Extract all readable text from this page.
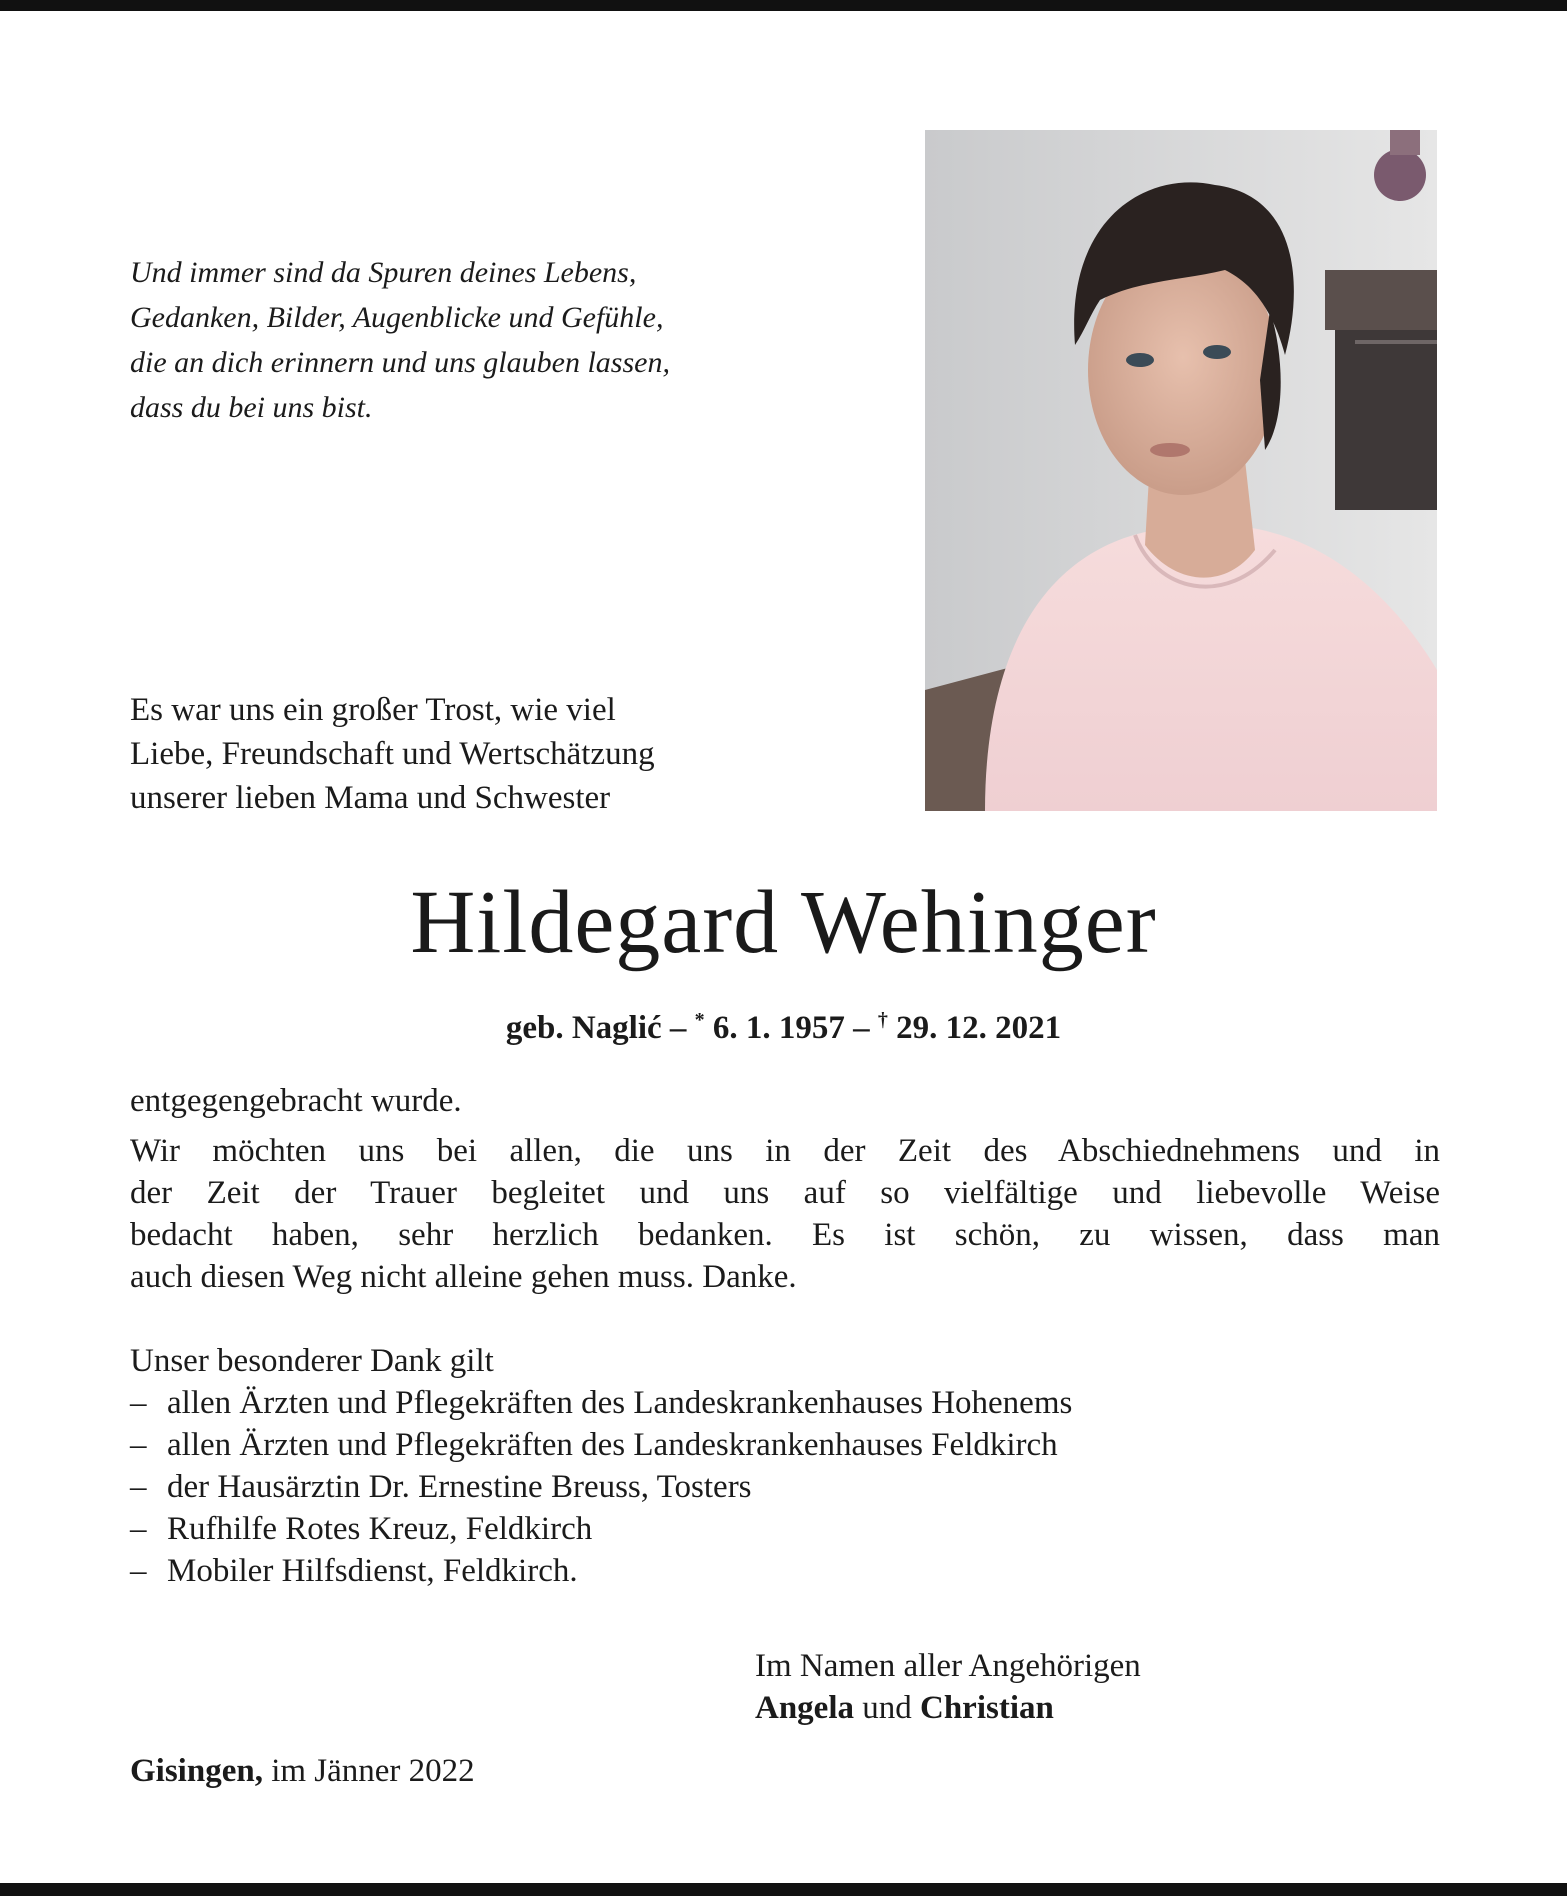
Und immer sind da Spuren deines Lebens,
Gedanken, Bilder, Augenblicke und Gefühle,
die an dich erinnern und uns glauben lassen,
dass du bei uns bist.
Es war uns ein großer Trost, wie viel
Liebe, Freundschaft und Wertschätzung
unserer lieben Mama und Schwester
Hildegard Wehinger
geb. Naglić – * 6. 1. 1957 – † 29. 12. 2021

entgegengebracht wurde.

Wir möchten uns bei allen, die uns in der Zeit des Abschiednehmens und in
der Zeit der Trauer begleitet und uns auf so vielfältige und liebevolle Weise
bedacht haben, sehr herzlich bedanken. Es ist schön, zu wissen, dass man
auch diesen Weg nicht alleine gehen muss. Danke.

Unser besonderer Dank gilt

– allen Ärzten und Pflegekräften des Landeskrankenhauses Hohenems
– allen Ärzten und Pflegekräften des Landeskrankenhauses Feldkirch
– der Hausärztin Dr. Ernestine Breuss, Tosters
– Rufhilfe Rotes Kreuz, Feldkirch
– Mobiler Hilfsdienst, Feldkirch.
Im Namen aller Angehörigen
Angela und Christian
Gisingen, im Jänner 2022
